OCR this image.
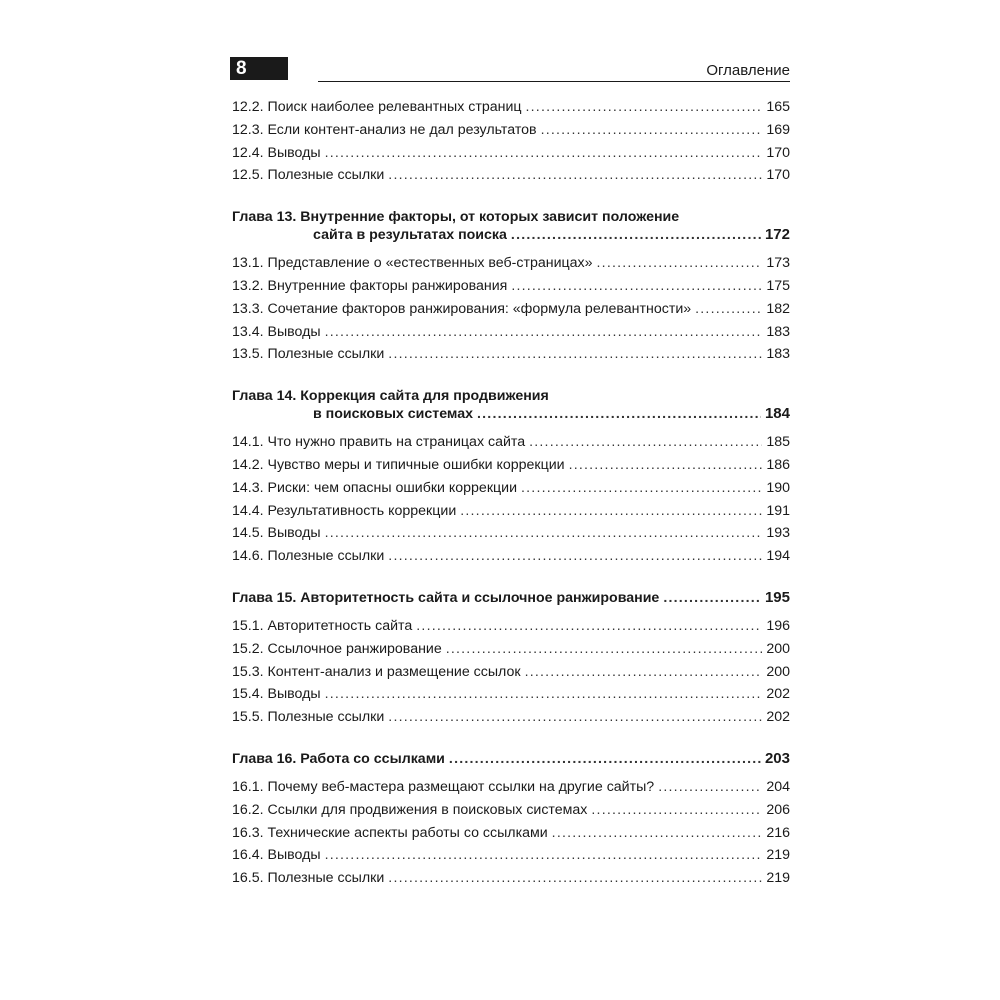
8	Оглавление
12.2. Поиск наиболее релевантных страниц .....	165
12.3. Если контент-анализ не дал результатов .....	169
12.4. Выводы .....	170
12.5. Полезные ссылки .....	170
Глава 13. Внутренние факторы, от которых зависит положение
сайта в результатах поиска .....	172
13.1. Представление о «естественных веб-страницах» .....	173
13.2. Внутренние факторы ранжирования .....	175
13.3. Сочетание факторов ранжирования: «формула релевантности» .....	182
13.4. Выводы .....	183
13.5. Полезные ссылки .....	183
Глава 14. Коррекция сайта для продвижения
в поисковых системах .....	184
14.1. Что нужно править на страницах сайта .....	185
14.2. Чувство меры и типичные ошибки коррекции .....	186
14.3. Риски: чем опасны ошибки коррекции .....	190
14.4. Результативность коррекции .....	191
14.5. Выводы .....	193
14.6. Полезные ссылки .....	194
Глава 15. Авторитетность сайта и ссылочное ранжирование .....	195
15.1. Авторитетность сайта .....	196
15.2. Ссылочное ранжирование .....	200
15.3. Контент-анализ и размещение ссылок .....	200
15.4. Выводы .....	202
15.5. Полезные ссылки .....	202
Глава 16. Работа со ссылками .....	203
16.1. Почему веб-мастера размещают ссылки на другие сайты? .....	204
16.2. Ссылки для продвижения в поисковых системах .....	206
16.3. Технические аспекты работы со ссылками .....	216
16.4. Выводы .....	219
16.5. Полезные ссылки .....	219
